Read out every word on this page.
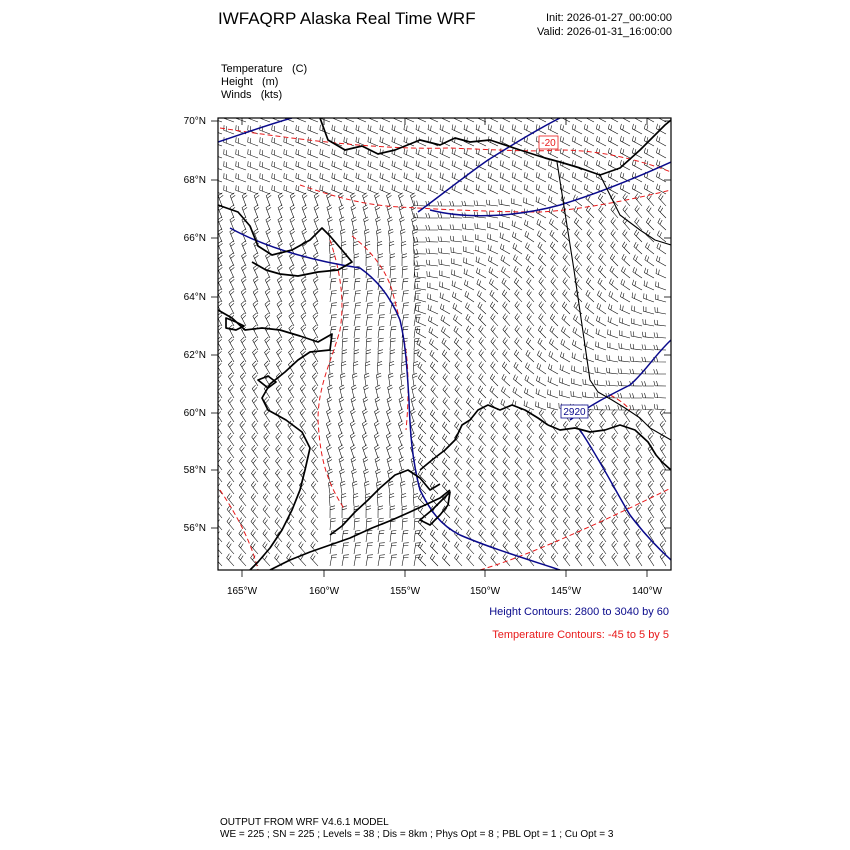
IWFAQRP Alaska Real Time WRF	Init: 2026-01-27_00:00:00
Valid: 2026-01-31_16:00:00
Temperature (C)
Height (m)
Winds (kts)
-20
2920
70°N
68°N
66°N
64°N
62°N
60°N
58°N
56°N
165°W	160°W	155°W	150°W	145°W	140°W
Height Contours: 2800 to 3040 by 60
Temperature Contours: -45 to 5 by 5
OUTPUT FROM WRF V4.6.1 MODEL
WE = 225 ; SN = 225 ; Levels = 38 ; Dis = 8km ; Phys Opt = 8 ; PBL Opt = 1 ; Cu Opt = 3
